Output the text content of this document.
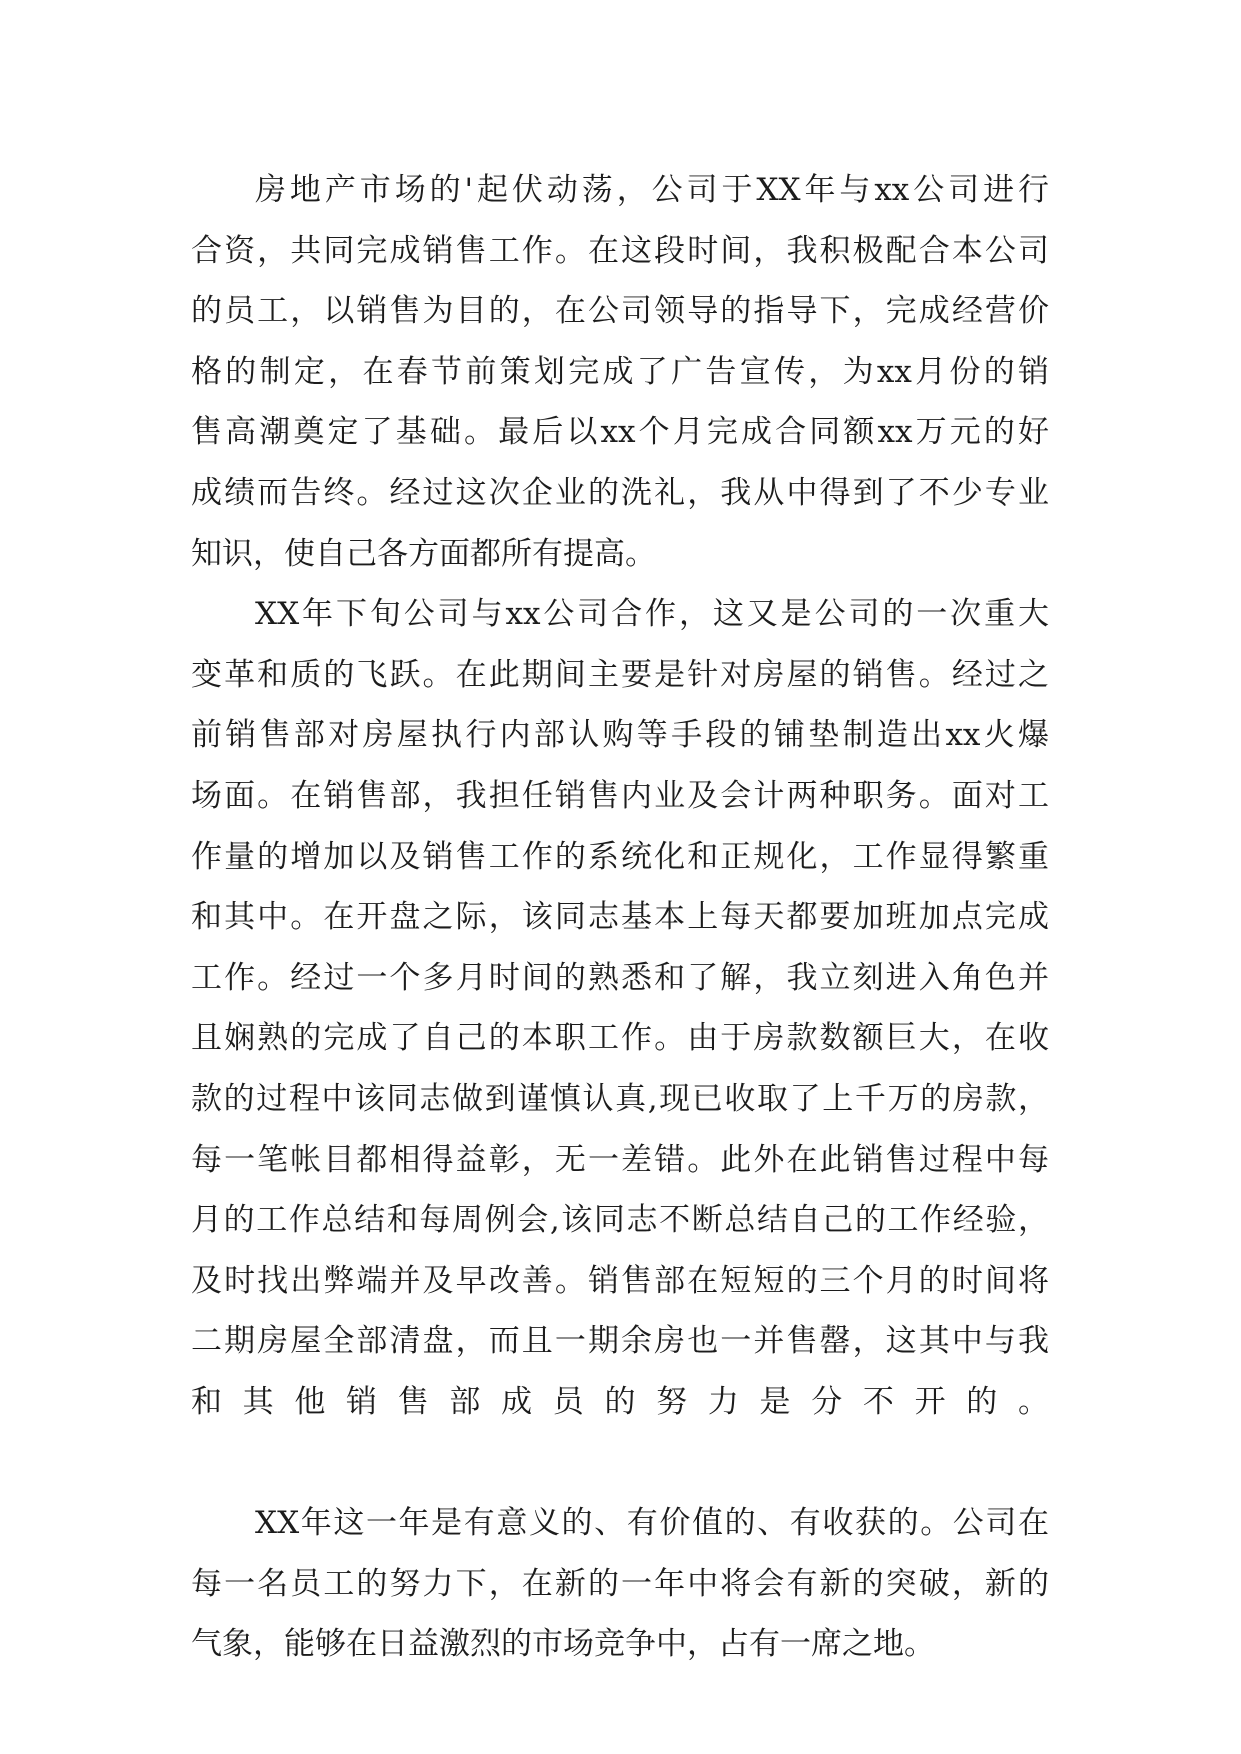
房地产市场的'起伏动荡，公司于XX年与xx公司进行
合资，共同完成销售工作。在这段时间，我积极配合本公司
的员工，以销售为目的，在公司领导的指导下，完成经营价
格的制定，在春节前策划完成了广告宣传，为xx月份的销
售高潮奠定了基础。最后以xx个月完成合同额xx万元的好
成绩而告终。经过这次企业的洗礼，我从中得到了不少专业
知识，使自己各方面都所有提高。
XX年下旬公司与xx公司合作，这又是公司的一次重大
变革和质的飞跃。在此期间主要是针对房屋的销售。经过之
前销售部对房屋执行内部认购等手段的铺垫制造出xx火爆
场面。在销售部，我担任销售内业及会计两种职务。面对工
作量的增加以及销售工作的系统化和正规化，工作显得繁重
和其中。在开盘之际，该同志基本上每天都要加班加点完成
工作。经过一个多月时间的熟悉和了解，我立刻进入角色并
且娴熟的完成了自己的本职工作。由于房款数额巨大，在收
款的过程中该同志做到谨慎认真,现已收取了上千万的房款，
每一笔帐目都相得益彰，无一差错。此外在此销售过程中每
月的工作总结和每周例会,该同志不断总结自己的工作经验，
及时找出弊端并及早改善。销售部在短短的三个月的时间将
二期房屋全部清盘，而且一期余房也一并售罄，这其中与我
和其他销售部成员的努力是分不开的。
XX年这一年是有意义的、有价值的、有收获的。公司在
每一名员工的努力下，在新的一年中将会有新的突破，新的
气象，能够在日益激烈的市场竞争中，占有一席之地。
